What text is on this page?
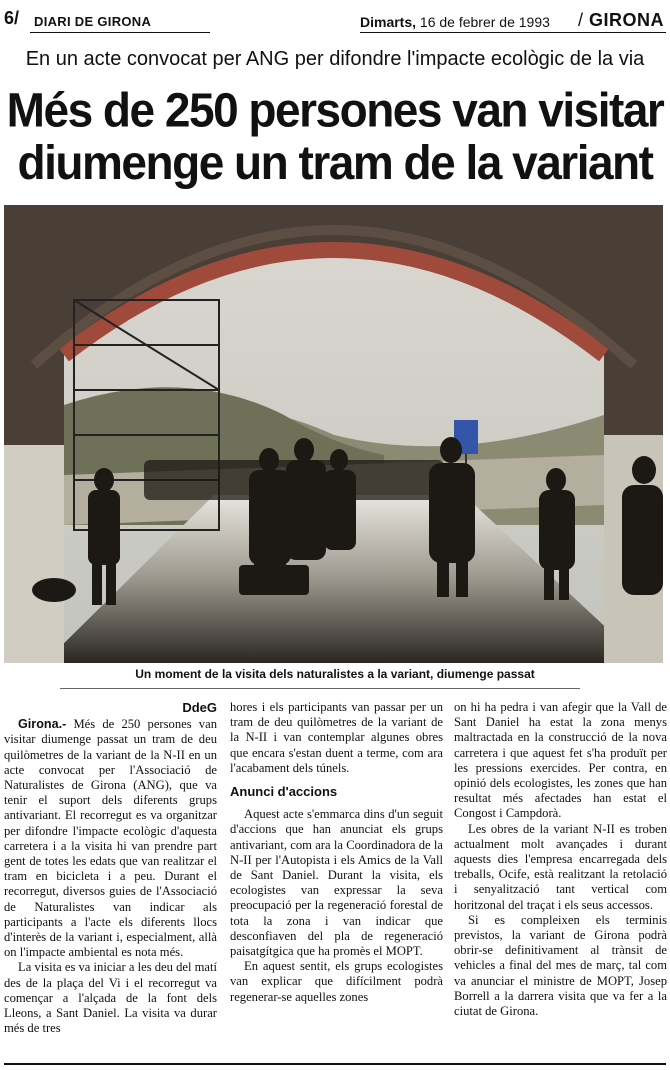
6/ DIARI DE GIRONA	Dimarts, 16 de febrer de 1993 / GIRONA
En un acte convocat per ANG per difondre l'impacte ecològic de la via
Més de 250 persones van visitar
diumenge un tram de la variant
Un moment de la visita dels naturalistes a la variant, diumenge passat
DdeG

Girona.- Més de 250 persones van visitar diumenge passat un tram de deu quilòmetres de la variant de la N-II en un acte convocat per l'Associació de Naturalistes de Girona (ANG), que va tenir el suport dels diferents grups antivariant. El recorregut es va organitzar per difondre l'impacte ecològic d'aquesta carretera i a la visita hi van prendre part gent de totes les edats que van realitzar el tram en bicicleta i a peu. Durant el recorregut, diversos guies de l'Associació de Naturalistes van indicar als participants a l'acte els diferents llocs d'interès de la variant i, especialment, allà on l'impacte ambiental es nota més.

La visita es va iniciar a les deu del matí des de la plaça del Vi i el recorregut va començar a l'alçada de la font dels Lleons, a Sant Daniel. La visita va durar més de tres

hores i els participants van passar per un tram de deu quilòmetres de la variant de la N-II i van contemplar algunes obres que encara s'estan duent a terme, com ara l'acabament dels túnels.

Anunci d'accions

Aquest acte s'emmarca dins d'un seguit d'accions que han anunciat els grups antivariant, com ara la Coordinadora de la N-II per l'Autopista i els Amics de la Vall de Sant Daniel. Durant la visita, els ecologistes van expressar la seva preocupació per la regeneració forestal de tota la zona i van indicar que desconfiaven del pla de regeneració paisatgítgica que ha promès el MOPT.

En aquest sentit, els grups ecologistes van explicar que difícilment podrà regenerar-se aquelles zones

on hi ha pedra i van afegir que la Vall de Sant Daniel ha estat la zona menys maltractada en la construcció de la nova carretera i que aquest fet s'ha produït per les pressions exercides. Per contra, en opinió dels ecologistes, les zones que han resultat més afectades han estat el Congost i Campdorà.

Les obres de la variant N-II es troben actualment molt avançades i durant aquests dies l'empresa encarregada dels treballs, Ocife, està realitzant la retolació i senyalització tant vertical com horitzonal del traçat i els seus accessos.

Si es compleixen els terminis previstos, la variant de Girona podrà obrir-se definitivament al trànsit de vehicles a final del mes de març, tal com va anunciar el ministre de MOPT, Josep Borrell a la darrera visita que va fer a la ciutat de Girona.
